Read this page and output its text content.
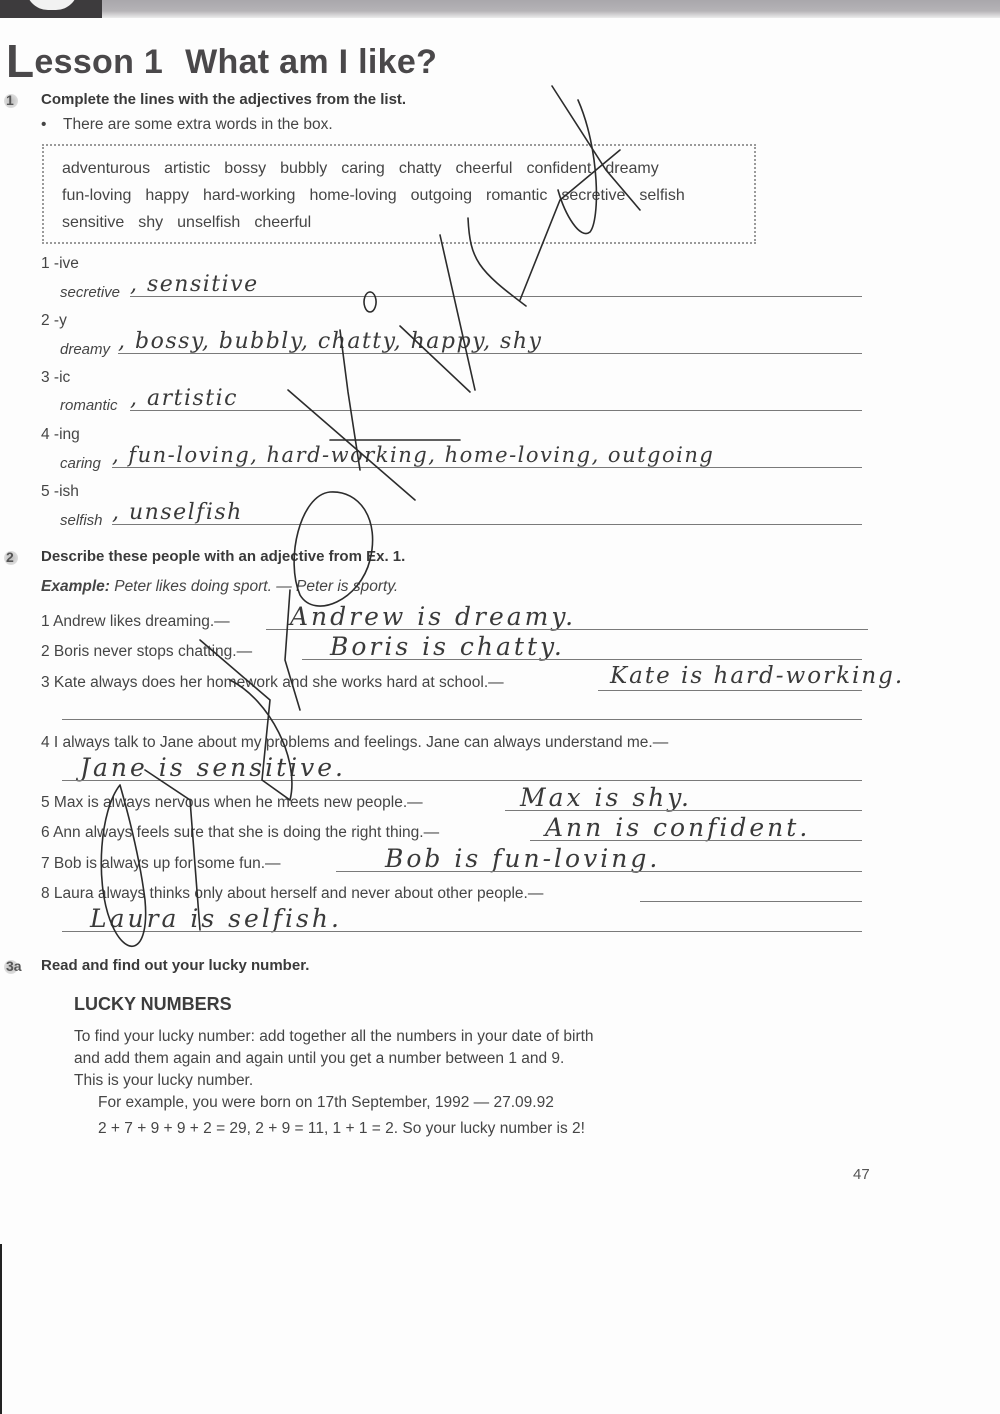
Lesson 1 What am I like?
1 Complete the lines with the adjectives from the list.
• There are some extra words in the box.
adventurous artistic bossy bubbly caring chatty cheerful confident dreamy
fun-loving happy hard-working home-loving outgoing romantic secretive selfish
sensitive shy unselfish cheerful
1 -ive
secretive , sensitive
2 -y
dreamy , bossy, bubbly, chatty, happy, shy
3 -ic
romantic , artistic
4 -ing
caring , fun-loving, hard-working, home-loving, outgoing
5 -ish
selfish , unselfish
2 Describe these people with an adjective from Ex. 1.
Example: Peter likes doing sport. — Peter is sporty.
1 Andrew likes dreaming.— Andrew is dreamy.
2 Boris never stops chatting.—	Boris is chatty.
3 Kate always does her homework and she works hard at school.—	Kate is hard-working.
4 I always talk to Jane about my problems and feelings. Jane can always understand me.—
Jane is sensitive.
5 Max is always nervous when he meets new people.—	Max is shy.
6 Ann always feels sure that she is doing the right thing.—	Ann is confident.
7 Bob is always up for some fun.—	Bob is fun-loving.
8 Laura always thinks only about herself and never about other people.—
Laura is selfish.
3a Read and find out your lucky number.
LUCKY NUMBERS
To find your lucky number: add together all the numbers in your date of birth
and add them again and again until you get a number between 1 and 9.
This is your lucky number.
For example, you were born on 17th September, 1992 — 27.09.92
2 + 7 + 9 + 9 + 2 = 29, 2 + 9 = 11, 1 + 1 = 2. So your lucky number is 2!
47
